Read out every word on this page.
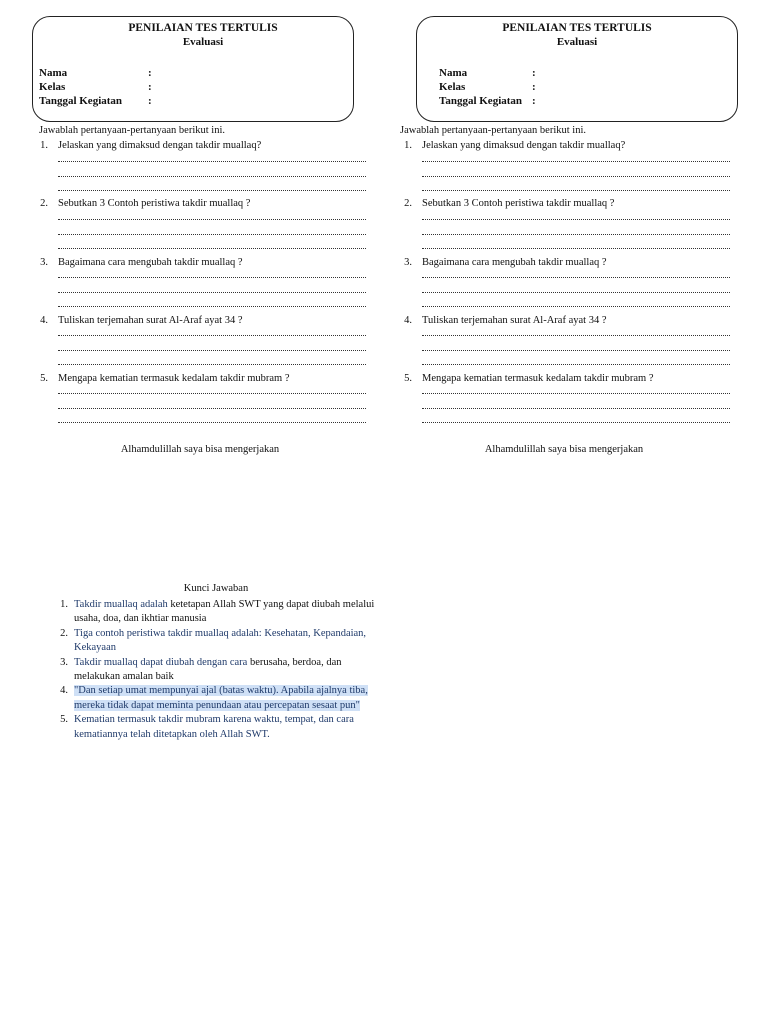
PENILAIAN TES TERTULIS
Evaluasi
Nama	:
Kelas	:
Tanggal Kegiatan :
Jawablah pertanyaan-pertanyaan berikut ini.
1. Jelaskan yang dimaksud dengan takdir muallaq?
2. Sebutkan 3 Contoh peristiwa takdir muallaq ?
3. Bagaimana cara mengubah takdir muallaq ?
4. Tuliskan terjemahan surat Al-Araf ayat 34 ?
5. Mengapa kematian termasuk kedalam takdir mubram ?
Alhamdulillah saya bisa mengerjakan
PENILAIAN TES TERTULIS
Evaluasi
Nama	:
Kelas	:
Tanggal Kegiatan :
Jawablah pertanyaan-pertanyaan berikut ini.
1. Jelaskan yang dimaksud dengan takdir muallaq?
2. Sebutkan 3 Contoh peristiwa takdir muallaq ?
3. Bagaimana cara mengubah takdir muallaq ?
4. Tuliskan terjemahan surat Al-Araf ayat 34 ?
5. Mengapa kematian termasuk kedalam takdir mubram ?
Alhamdulillah saya bisa mengerjakan
Kunci Jawaban
1. Takdir muallaq adalah ketetapan Allah SWT yang dapat diubah melalui usaha, doa, dan ikhtiar manusia
2. Tiga contoh peristiwa takdir muallaq adalah: Kesehatan, Kepandaian, Kekayaan
3. Takdir muallaq dapat diubah dengan cara berusaha, berdoa, dan melakukan amalan baik
4. "Dan setiap umat mempunyai ajal (batas waktu). Apabila ajalnya tiba, mereka tidak dapat meminta penundaan atau percepatan sesaat pun"
5. Kematian termasuk takdir mubram karena waktu, tempat, dan cara kematiannya telah ditetapkan oleh Allah SWT.
